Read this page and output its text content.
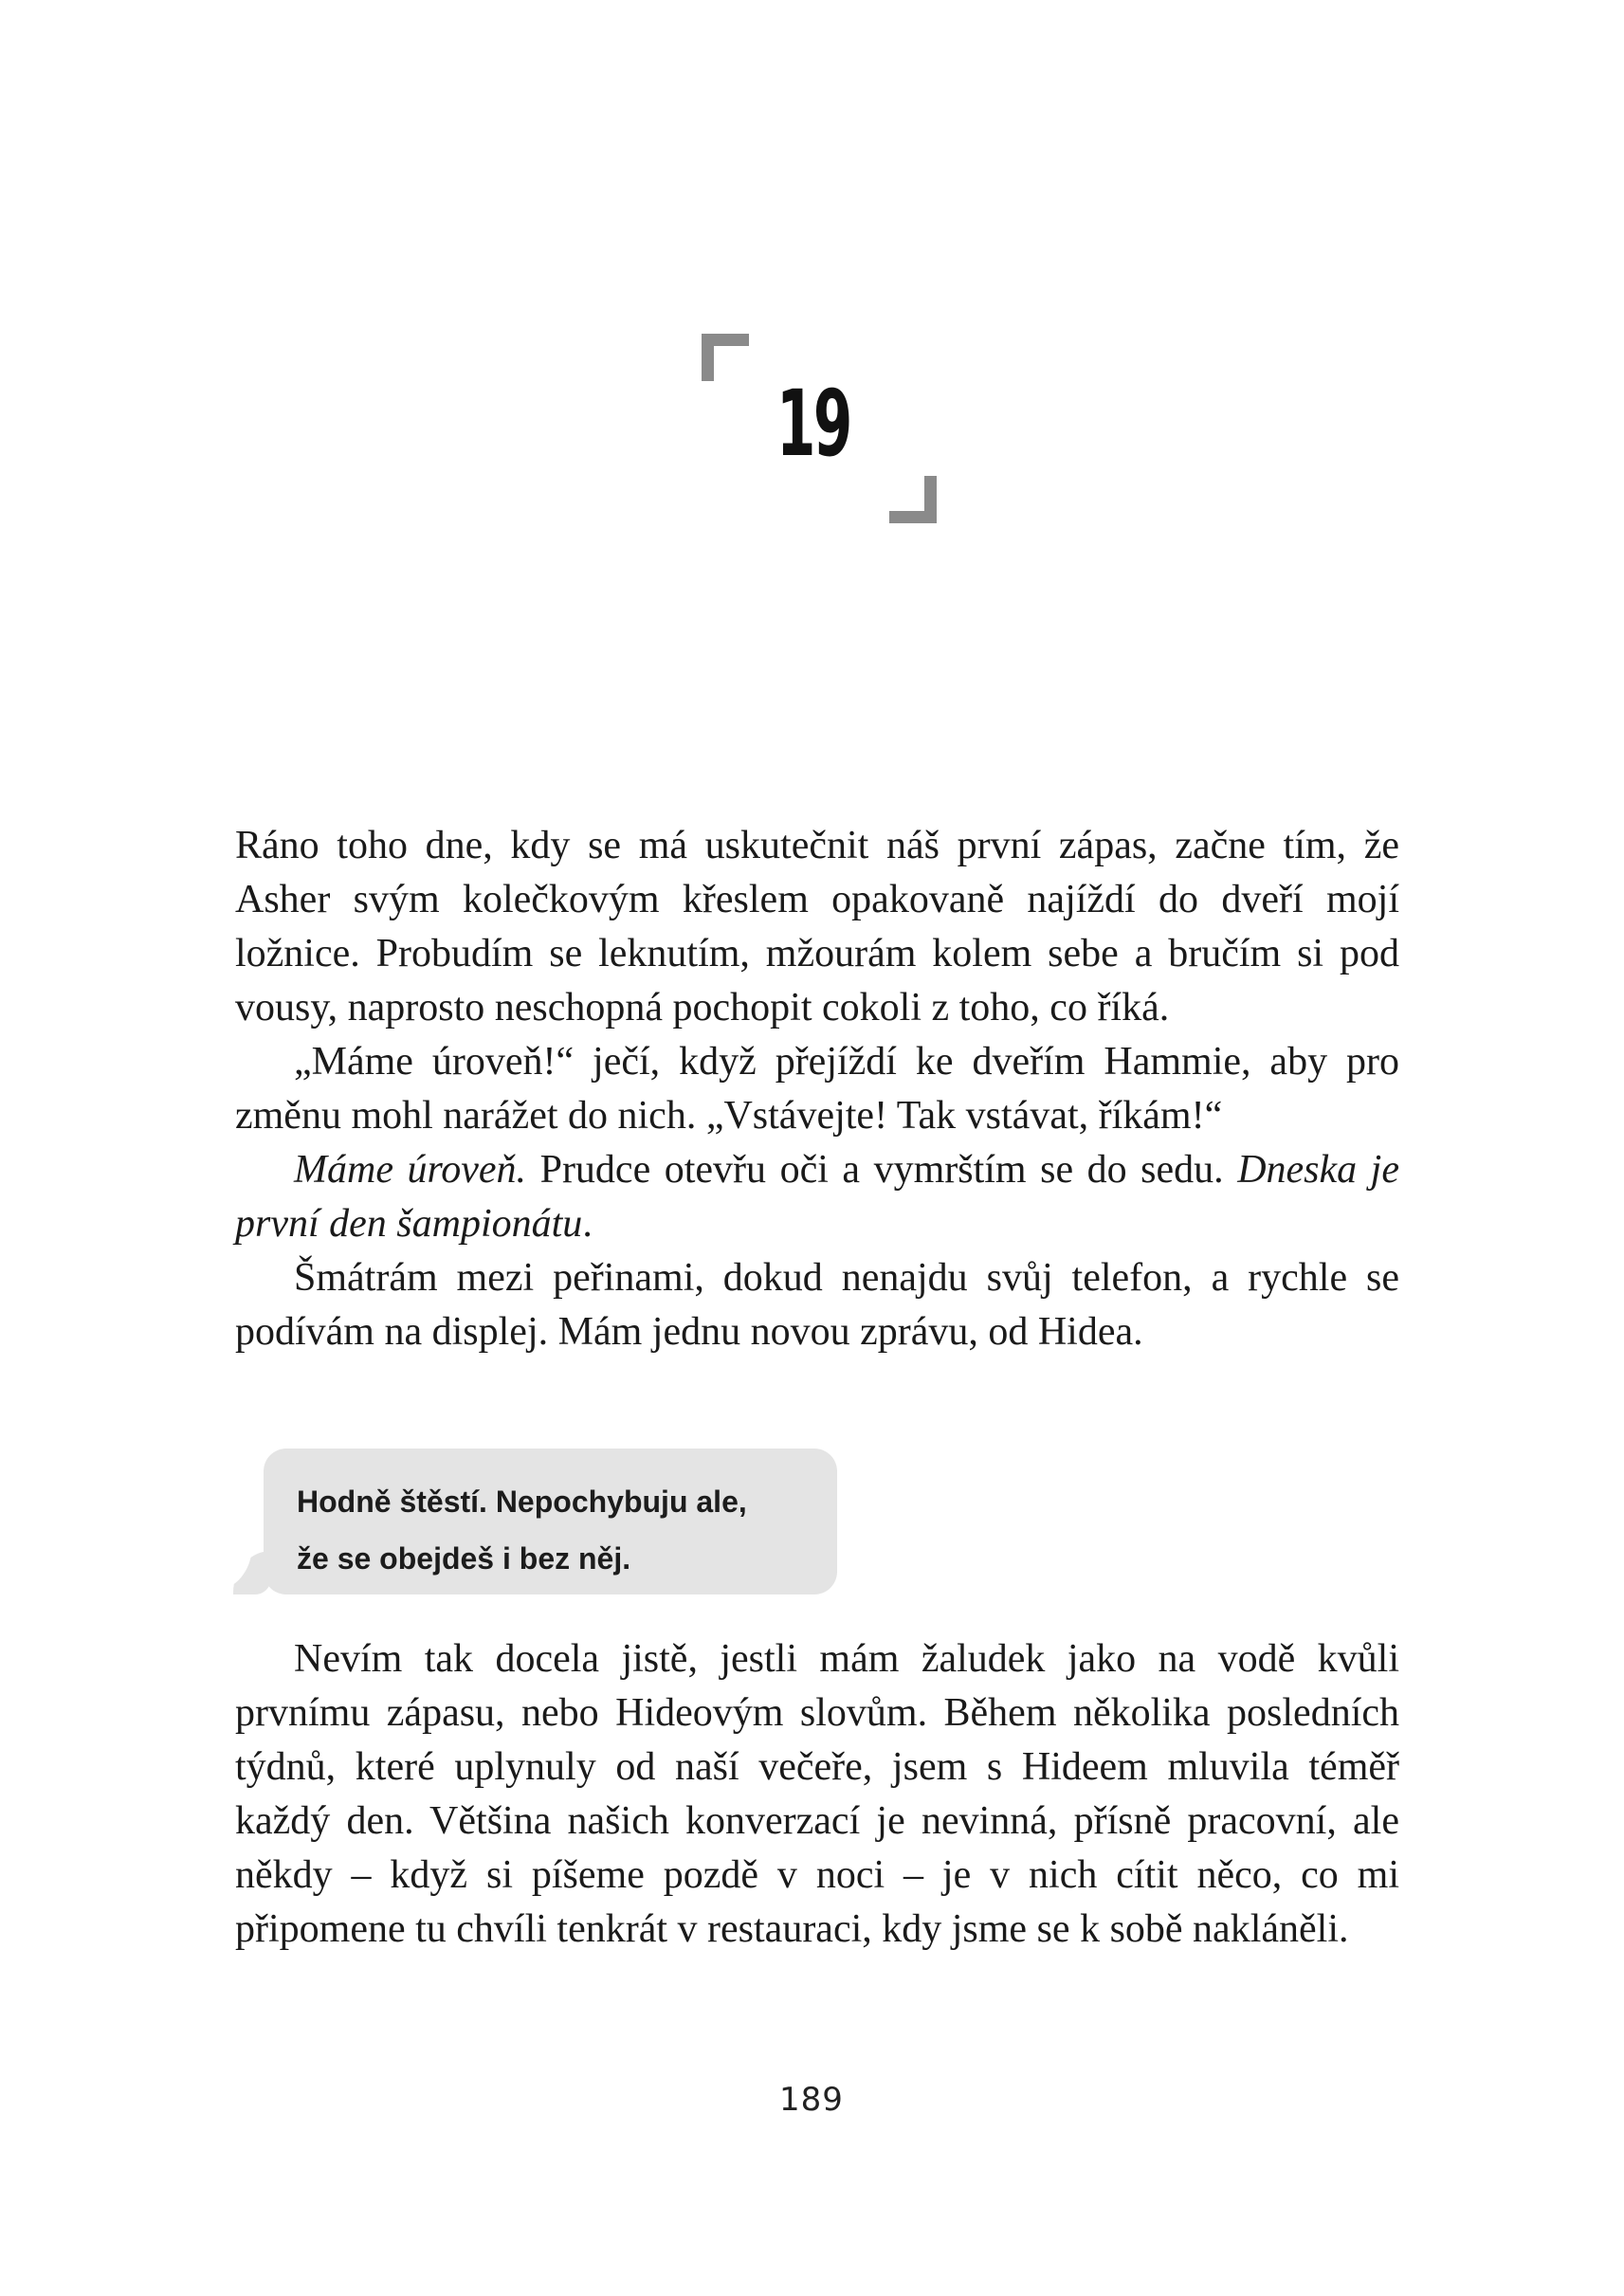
19

Ráno toho dne, kdy se má uskutečnit náš první zápas, začne tím, že Asher svým kolečkovým křeslem opakovaně najíždí do dveří mojí ložnice. Probudím se leknutím, mžourám kolem sebe a bručím si pod vousy, naprosto neschopná pochopit cokoli z toho, co říká.

„Máme úroveň!“ ječí, když přejíždí ke dveřím Hammie, aby pro změnu mohl narážet do nich. „Vstávejte! Tak vstávat, říkám!“

Máme úroveň. Prudce otevřu oči a vymrštím se do sedu. Dneska je první den šampionátu.

Šmátrám mezi peřinami, dokud nenajdu svůj telefon, a rychle se podívám na displej. Mám jednu novou zprávu, od Hidea.

Hodně štěstí. Nepochybuju ale,
že se obejdeš i bez něj.

Nevím tak docela jistě, jestli mám žaludek jako na vodě kvůli prvnímu zápasu, nebo Hideovým slovům. Během několika posledních týdnů, které uplynuly od naší večeře, jsem s Hideem mluvila téměř každý den. Většina našich konverzací je nevinná, přísně pracovní, ale někdy – když si píšeme pozdě v noci – je v nich cítit něco, co mi připomene tu chvíli tenkrát v restauraci, kdy jsme se k sobě nakláněli.

189
